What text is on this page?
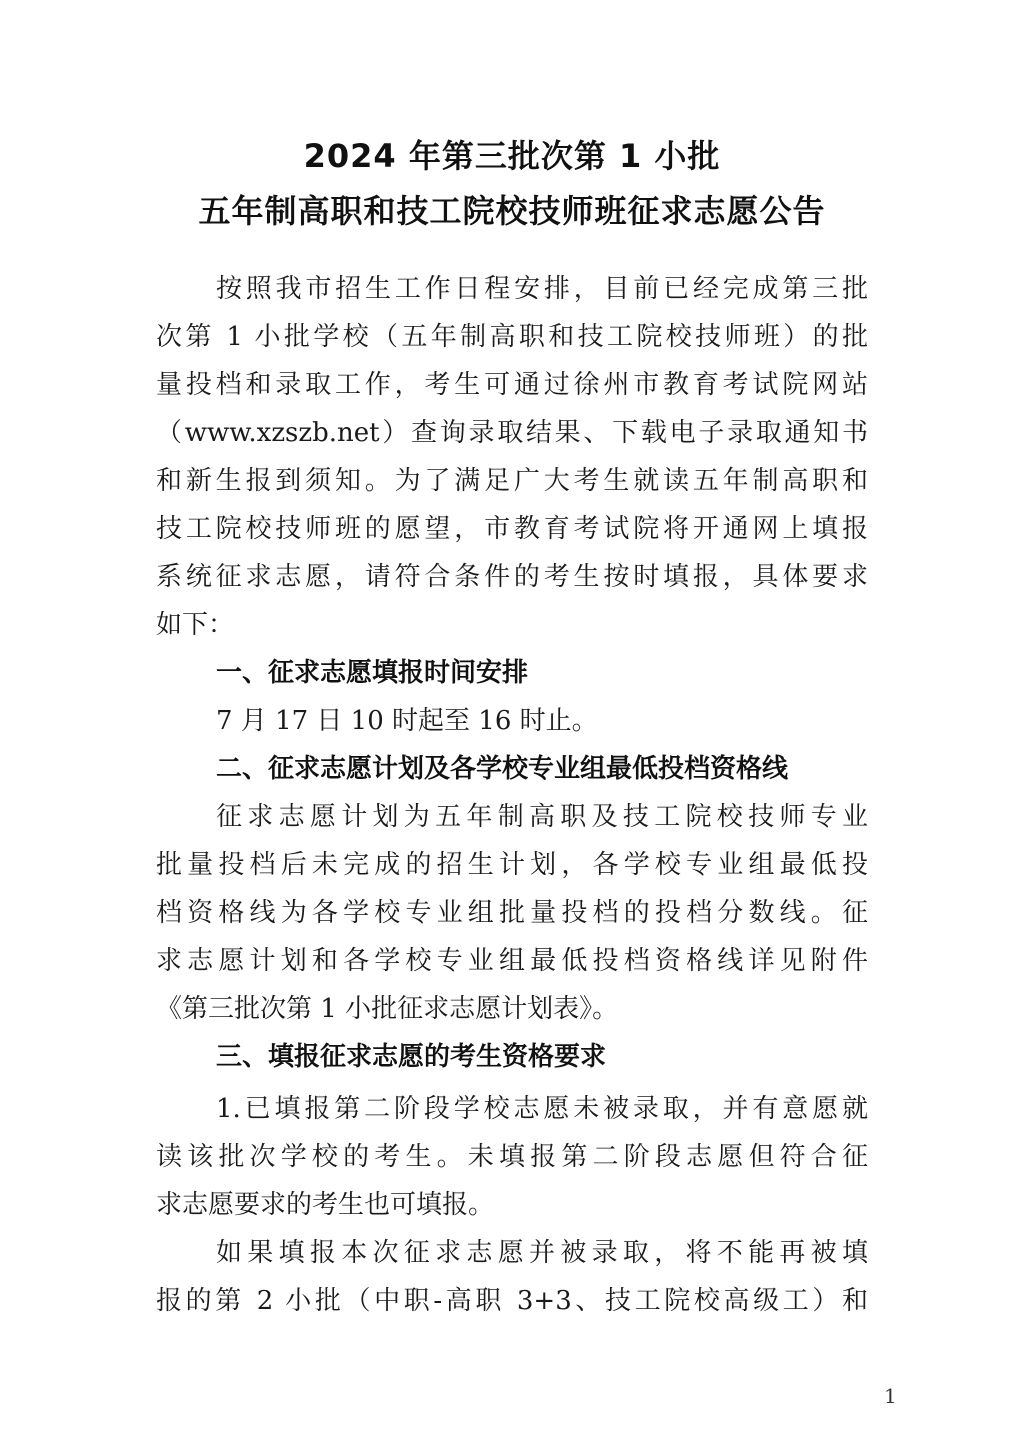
2024 年第三批次第 1 小批
五年制高职和技工院校技师班征求志愿公告
按照我市招生工作日程安排，目前已经完成第三批
次第 1 小批学校（五年制高职和技工院校技师班）的批
量投档和录取工作，考生可通过徐州市教育考试院网站
（www.xzszb.net）查询录取结果、下载电子录取通知书
和新生报到须知。为了满足广大考生就读五年制高职和
技工院校技师班的愿望，市教育考试院将开通网上填报
系统征求志愿，请符合条件的考生按时填报，具体要求
如下：
一、征求志愿填报时间安排
7 月 17 日 10 时起至 16 时止。
二、征求志愿计划及各学校专业组最低投档资格线
征求志愿计划为五年制高职及技工院校技师专业
批量投档后未完成的招生计划，各学校专业组最低投
档资格线为各学校专业组批量投档的投档分数线。征
求志愿计划和各学校专业组最低投档资格线详见附件
《第三批次第 1 小批征求志愿计划表》。
三、填报征求志愿的考生资格要求
1.已填报第二阶段学校志愿未被录取，并有意愿就
读该批次学校的考生。未填报第二阶段志愿但符合征
求志愿要求的考生也可填报。
如果填报本次征求志愿并被录取，将不能再被填
报的第 2 小批（中职-高职 3+3、技工院校高级工）和
1
